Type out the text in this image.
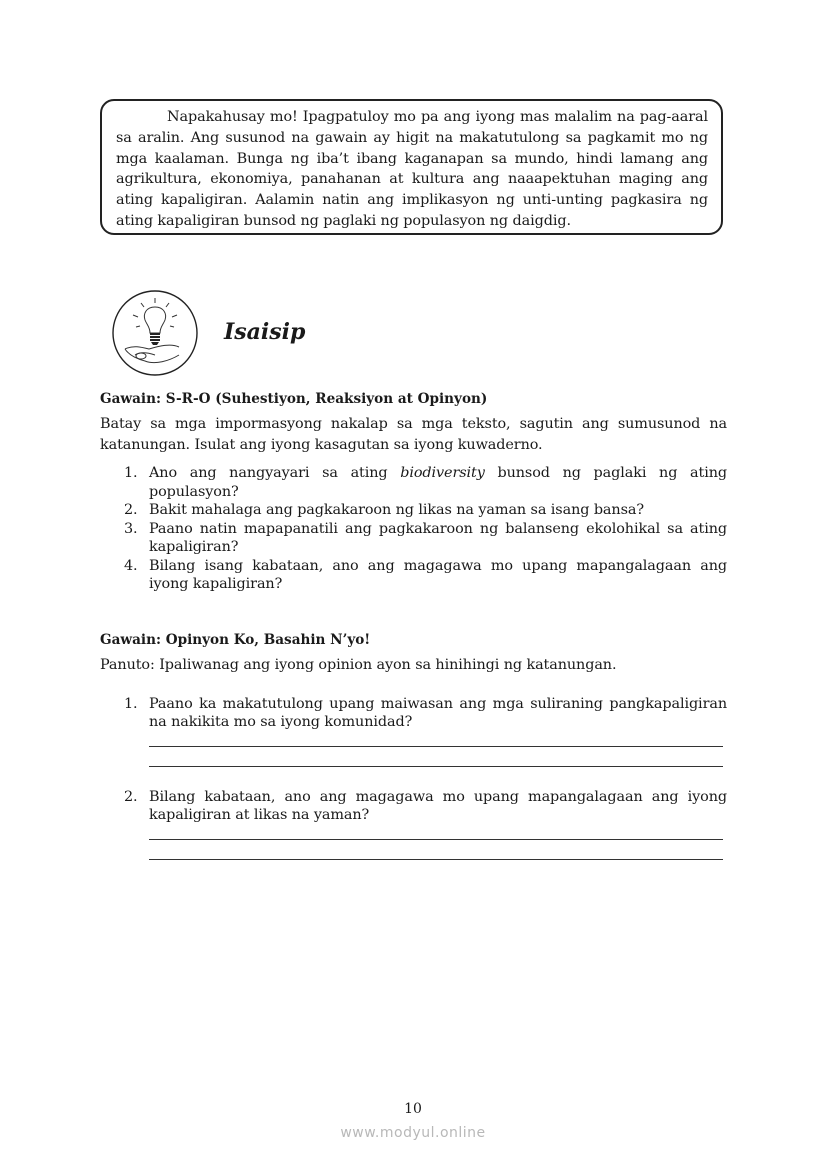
Napakahusay mo! Ipagpatuloy mo pa ang iyong mas malalim na pag-aaral sa aralin. Ang susunod na gawain ay higit na makatutulong sa pagkamit mo ng mga kaalaman. Bunga ng iba’t ibang kaganapan sa mundo, hindi lamang ang agrikultura, ekonomiya, panahanan at kultura ang naaapektuhan maging ang ating kapaligiran. Aalamin natin ang implikasyon ng unti-unting pagkasira ng ating kapaligiran bunsod ng paglaki ng populasyon ng daigdig.

Isaisip

Gawain: S-R-O (Suhestiyon, Reaksiyon at Opinyon)

Batay sa mga impormasyong nakalap sa mga teksto, sagutin ang sumusunod na katanungan. Isulat ang iyong kasagutan sa iyong kuwaderno.

1. Ano ang nangyayari sa ating biodiversity bunsod ng paglaki ng ating populasyon?
2. Bakit mahalaga ang pagkakaroon ng likas na yaman sa isang bansa?
3. Paano natin mapapanatili ang pagkakaroon ng balanseng ekolohikal sa ating kapaligiran?
4. Bilang isang kabataan, ano ang magagawa mo upang mapangalagaan ang iyong kapaligiran?

Gawain: Opinyon Ko, Basahin N’yo!

Panuto: Ipaliwanag ang iyong opinion ayon sa hinihingi ng katanungan.

1. Paano ka makatutulong upang maiwasan ang mga suliraning pangkapaligiran na nakikita mo sa iyong komunidad?
2. Bilang kabataan, ano ang magagawa mo upang mapangalagaan ang iyong kapaligiran at likas na yaman?
10
www.modyul.online
